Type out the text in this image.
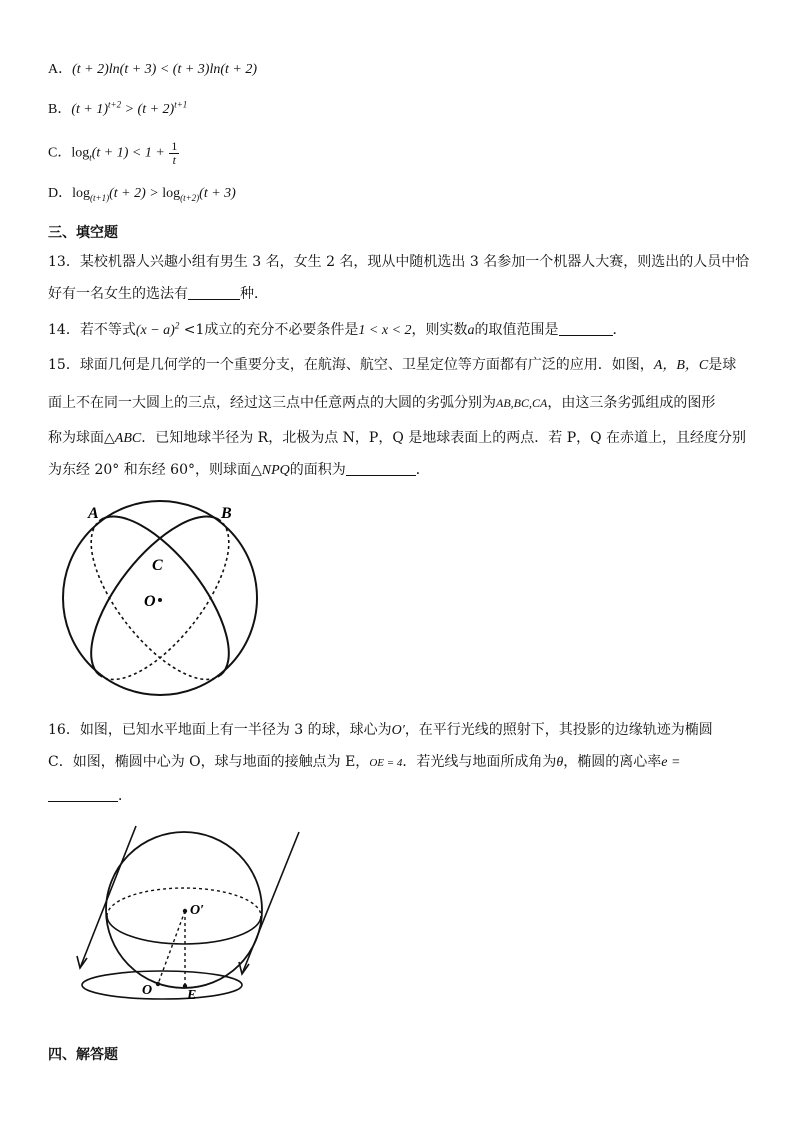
A．(t + 2)ln(t + 3) < (t + 3)ln(t + 2)
B．$(t + 1)^{t+2} > (t + 2)^{t+1}$
C．$\log_t(t + 1) < 1 + \frac{1}{t}$
D．$\log_{(t+1)}(t + 2) > \log_{(t+2)}(t + 3)$
三、填空题
13．某校机器人兴趣小组有男生 3 名，女生 2 名，现从中随机选出 3 名参加一个机器人大赛，则选出的人员中恰
好有一名女生的选法有	种．
14．若不等式$(x - a)^2 <1$成立的充分不必要条件是1 < x < 2，则实数a的取值范围是	．
15．球面几何是几何学的一个重要分支，在航海、航空、卫星定位等方面都有广泛的应用．如图，A，B，C是球
面上不在同一大圆上的三点，经过这三点中任意两点的大圆的劣弧分别为AB,BC,CA，由这三条劣弧组成的图形
称为球面△ABC．已知地球半径为 R，北极为点 N，P，Q 是地球表面上的两点．若 P，Q 在赤道上，且经度分别
为东经 20° 和东经 60°，则球面△NPQ的面积为	．
A	B
C
O
16．如图，已知水平地面上有一半径为 3 的球，球心为O′，在平行光线的照射下，其投影的边缘轨迹为椭圆
C．如图，椭圆中心为 O，球与地面的接触点为 E，OE = 4．若光线与地面所成角为θ，椭圆的离心率e =
．
O′
O E
四、解答题
